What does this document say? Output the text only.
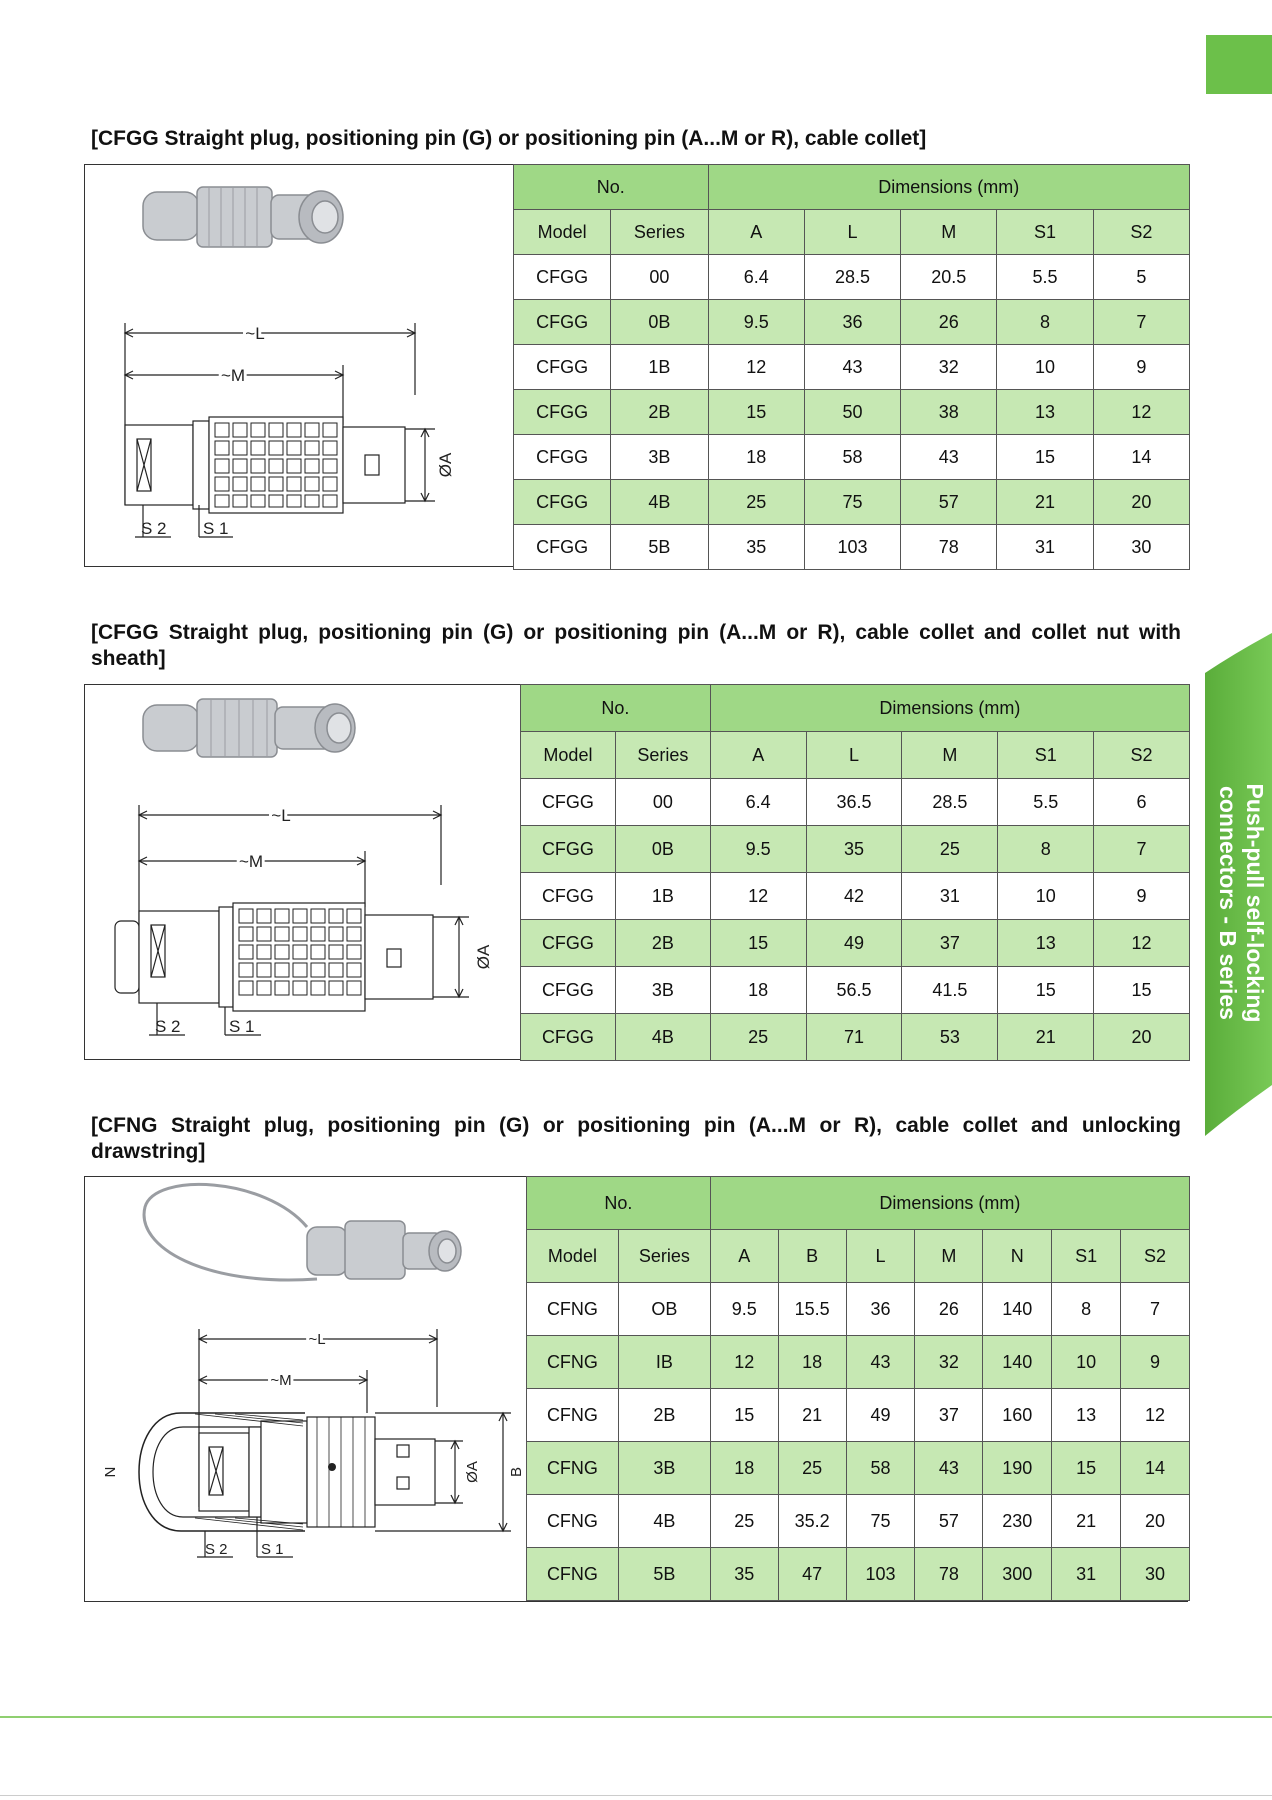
Push-pull self-locking
connectors - B series
[CFGG Straight plug, positioning pin (G) or positioning pin (A...M or R), cable collet]
~L
~M
ØA
S 2 S 1
No.		Dimensions (mm)				
Model	Series	A	L	M	S1	S2
CFGG	00	6.4	28.5	20.5	5.5	5
CFGG	0B	9.5	36	26	8	7
CFGG	1B	12	43	32	10	9
CFGG	2B	15	50	38	13	12
CFGG	3B	18	58	43	15	14
CFGG	4B	25	75	57	21	20
CFGG	5B	35	103	78	31	30
[CFGG Straight plug, positioning pin (G) or positioning pin (A...M or R), cable collet and collet nut with sheath]
~L
~M
ØA
S 2	S 1
No.		Dimensions (mm)				
Model	Series	A	L	M	S1	S2
CFGG	00	6.4	36.5	28.5	5.5	6
CFGG	0B	9.5	35	25	8	7
CFGG	1B	12	42	31	10	9
CFGG	2B	15	49	37	13	12
CFGG	3B	18	56.5	41.5	15	15
CFGG	4B	25	71	53	21	20
[CFNG Straight plug, positioning pin (G) or positioning pin (A...M or R), cable collet and unlocking drawstring]
~L
~M
ØA B
N
S 2 S 1
No.		Dimensions (mm)						
Model	Series	A	B	L	M	N	S1	S2
CFNG	OB	9.5	15.5	36	26	140	8	7
CFNG	IB	12	18	43	32	140	10	9
CFNG	2B	15	21	49	37	160	13	12
CFNG	3B	18	25	58	43	190	15	14
CFNG	4B	25	35.2	75	57	230	21	20
CFNG	5B	35	47	103	78	300	31	30
